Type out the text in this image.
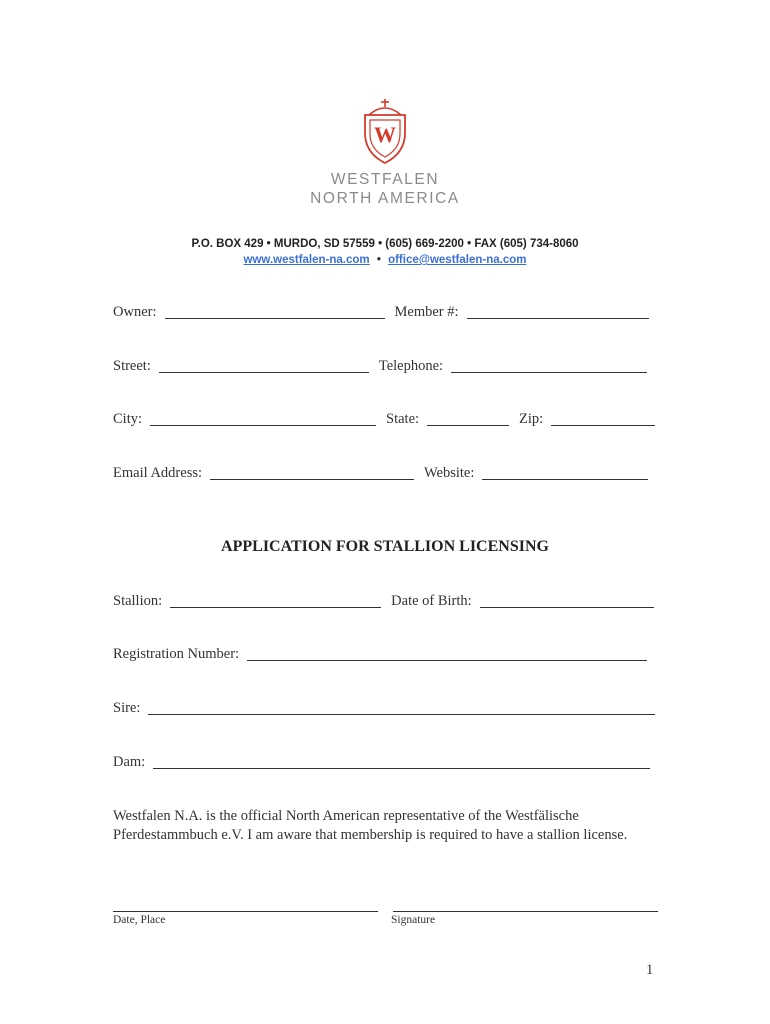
W
WESTFALEN
NORTH AMERICA
P.O. BOX 429 • MURDO, SD 57559 • (605) 669-2200 • FAX (605) 734-8060
www.westfalen-na.com • office@westfalen-na.com
Owner:	Member #:
Street:	Telephone:
City:	State:	Zip:
Email Address:	Website:
APPLICATION FOR STALLION LICENSING
Stallion:	Date of Birth:
Registration Number:
Sire:
Dam:
Westfalen N.A. is the official North American representative of the Westfälische
Pferdestammbuch e.V. I am aware that membership is required to have a stallion license.
Date, Place	Signature
1
